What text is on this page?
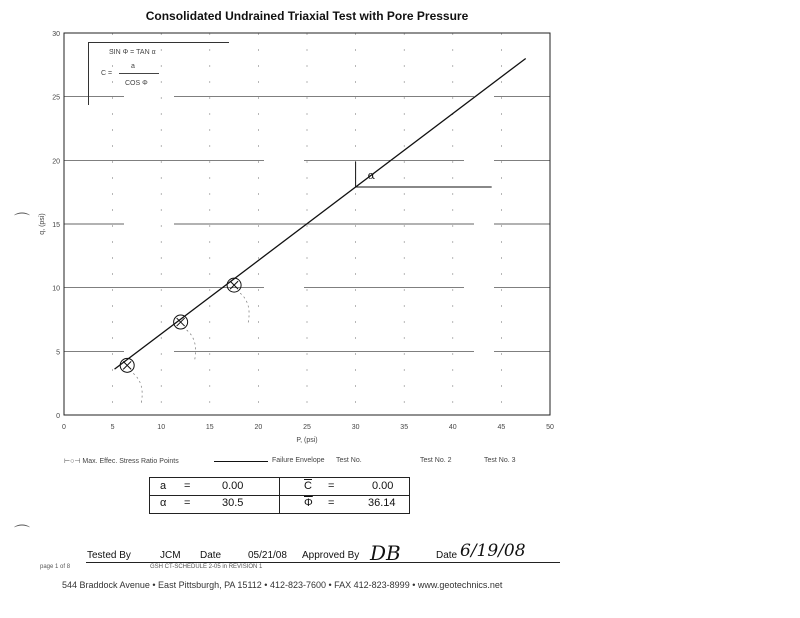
Consolidated Undrained Triaxial Test with Pore Pressure
0	5	10	15	20	25	30	35	40	45	50
0
5
10
15
20
25
30
α
P, (psi)
q, (psi)
SIN Φ = TAN α
a
C =
COS Φ
⊢○⊣ Max. Effec. Stress Ratio Points	Failure Envelope Test No.	Test No. 2	Test No. 3
a =	0.00	$\overline{C}$ =	0.00
α =	30.5	$\overline{\Phi}$ =	36.14
Tested By	JCM Date	05/21/08 Approved By DB	Date 6/19/08
page 1 of 8	GSH CT-SCHEDULE 2-05 in REVISION 1
544 Braddock Avenue • East Pittsburgh, PA 15112 • 412-823-7600 • FAX 412-823-8999 • www.geotechnics.net
⌒
⌒
